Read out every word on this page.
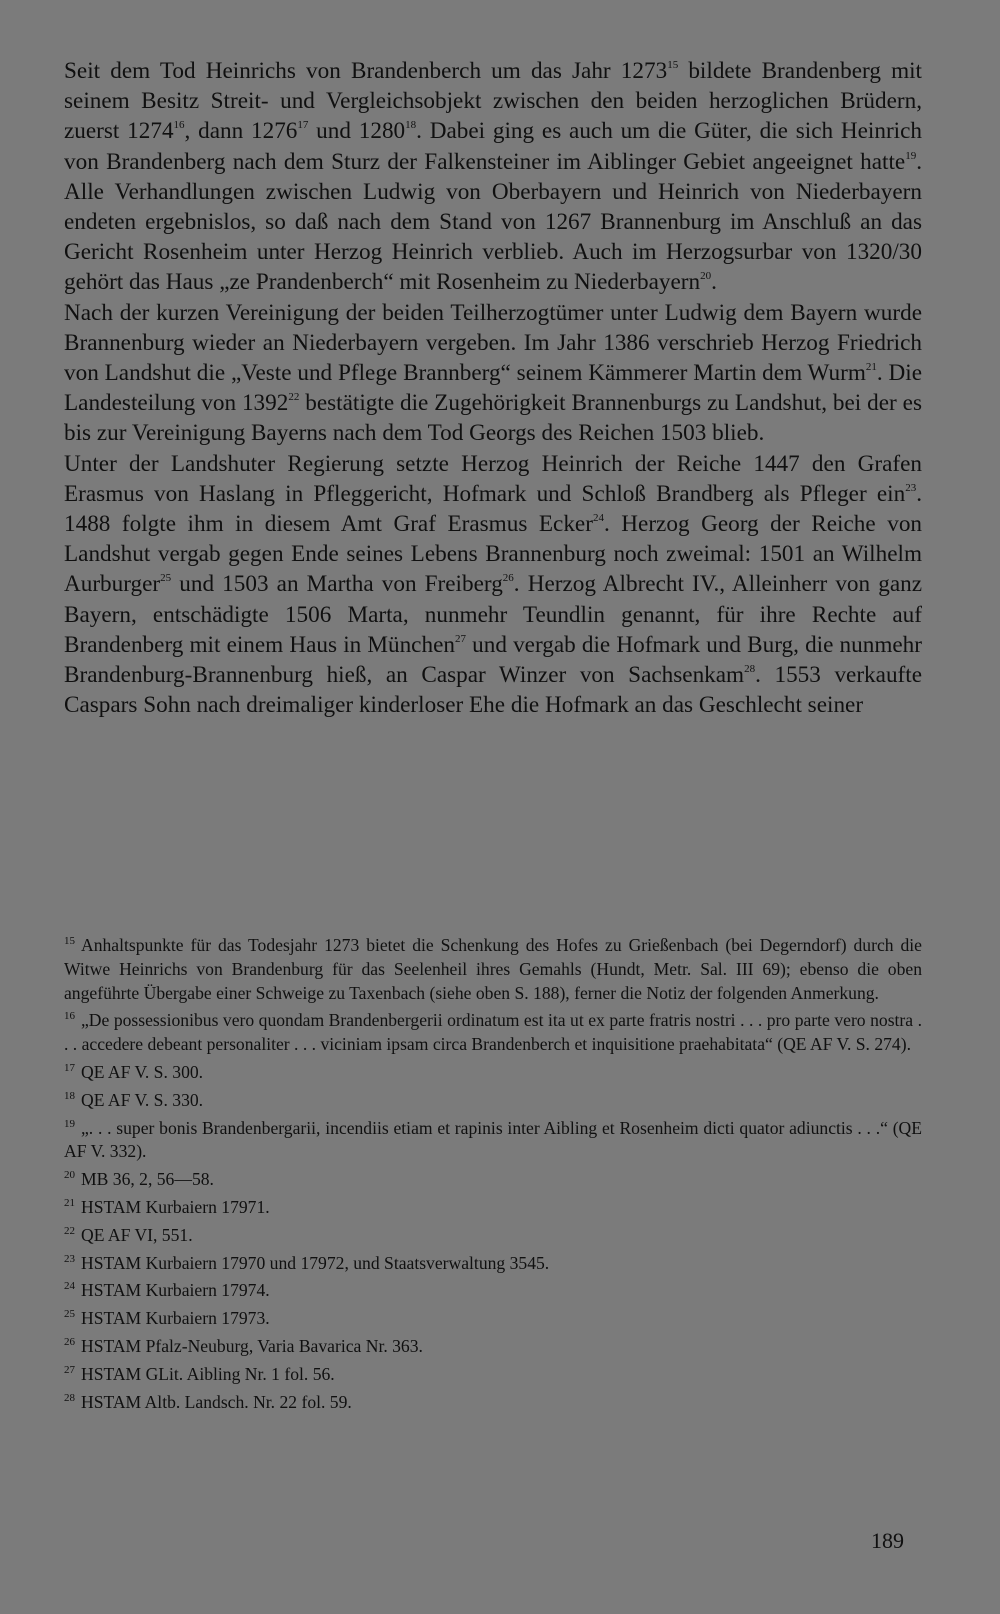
Seit dem Tod Heinrichs von Brandenberch um das Jahr 1273$^{15}$ bildete Brandenberg mit seinem Besitz Streit- und Vergleichsobjekt zwischen den beiden herzoglichen Brüdern, zuerst 1274$^{16}$, dann 1276$^{17}$ und 1280$^{18}$. Dabei ging es auch um die Güter, die sich Heinrich von Brandenberg nach dem Sturz der Falkensteiner im Aiblinger Gebiet angeeignet hatte$^{19}$. Alle Verhandlungen zwischen Ludwig von Oberbayern und Heinrich von Niederbayern endeten ergebnislos, so daß nach dem Stand von 1267 Brannenburg im Anschluß an das Gericht Rosenheim unter Herzog Heinrich verblieb. Auch im Herzogsurbar von 1320/30 gehört das Haus „ze Prandenberch“ mit Rosenheim zu Niederbayern$^{20}$.

Nach der kurzen Vereinigung der beiden Teilherzogtümer unter Ludwig dem Bayern wurde Brannenburg wieder an Niederbayern vergeben. Im Jahr 1386 verschrieb Herzog Friedrich von Landshut die „Veste und Pflege Brannberg“ seinem Kämmerer Martin dem Wurm$^{21}$. Die Landesteilung von 1392$^{22}$ bestätigte die Zugehörigkeit Brannenburgs zu Landshut, bei der es bis zur Vereinigung Bayerns nach dem Tod Georgs des Reichen 1503 blieb.

Unter der Landshuter Regierung setzte Herzog Heinrich der Reiche 1447 den Grafen Erasmus von Haslang in Pfleggericht, Hofmark und Schloß Brandberg als Pfleger ein$^{23}$. 1488 folgte ihm in diesem Amt Graf Erasmus Ecker$^{24}$. Herzog Georg der Reiche von Landshut vergab gegen Ende seines Lebens Brannenburg noch zweimal: 1501 an Wilhelm Aurburger$^{25}$ und 1503 an Martha von Freiberg$^{26}$. Herzog Albrecht IV., Alleinherr von ganz Bayern, entschädigte 1506 Marta, nunmehr Teundlin genannt, für ihre Rechte auf Brandenberg mit einem Haus in München$^{27}$ und vergab die Hofmark und Burg, die nunmehr Brandenburg-Brannenburg hieß, an Caspar Winzer von Sachsenkam$^{28}$. 1553 verkaufte Caspars Sohn nach dreimaliger kinderloser Ehe die Hofmark an das Geschlecht seiner

$^{15}$ Anhaltspunkte für das Todesjahr 1273 bietet die Schenkung des Hofes zu Grießenbach (bei Degerndorf) durch die Witwe Heinrichs von Brandenburg für das Seelenheil ihres Gemahls (Hundt, Metr. Sal. III 69); ebenso die oben angeführte Übergabe einer Schweige zu Taxenbach (siehe oben S. 188), ferner die Notiz der folgenden Anmerkung.
$^{16}$ „De possessionibus vero quondam Brandenbergerii ordinatum est ita ut ex parte fratris nostri . . . pro parte vero nostra . . . accedere debeant personaliter . . . viciniam ipsam circa Brandenberch et inquisitione praehabitata“ (QE AF V. S. 274).
$^{17}$ QE AF V. S. 300.
$^{18}$ QE AF V. S. 330.
$^{19}$ „. . . super bonis Brandenbergarii, incendiis etiam et rapinis inter Aibling et Rosenheim dicti quator adiunctis . . .“ (QE AF V. 332).
$^{20}$ MB 36, 2, 56—58.
$^{21}$ HSTAM Kurbaiern 17971.
$^{22}$ QE AF VI, 551.
$^{23}$ HSTAM Kurbaiern 17970 und 17972, und Staatsverwaltung 3545.
$^{24}$ HSTAM Kurbaiern 17974.
$^{25}$ HSTAM Kurbaiern 17973.
$^{26}$ HSTAM Pfalz-Neuburg, Varia Bavarica Nr. 363.
$^{27}$ HSTAM GLit. Aibling Nr. 1 fol. 56.
$^{28}$ HSTAM Altb. Landsch. Nr. 22 fol. 59.
189
